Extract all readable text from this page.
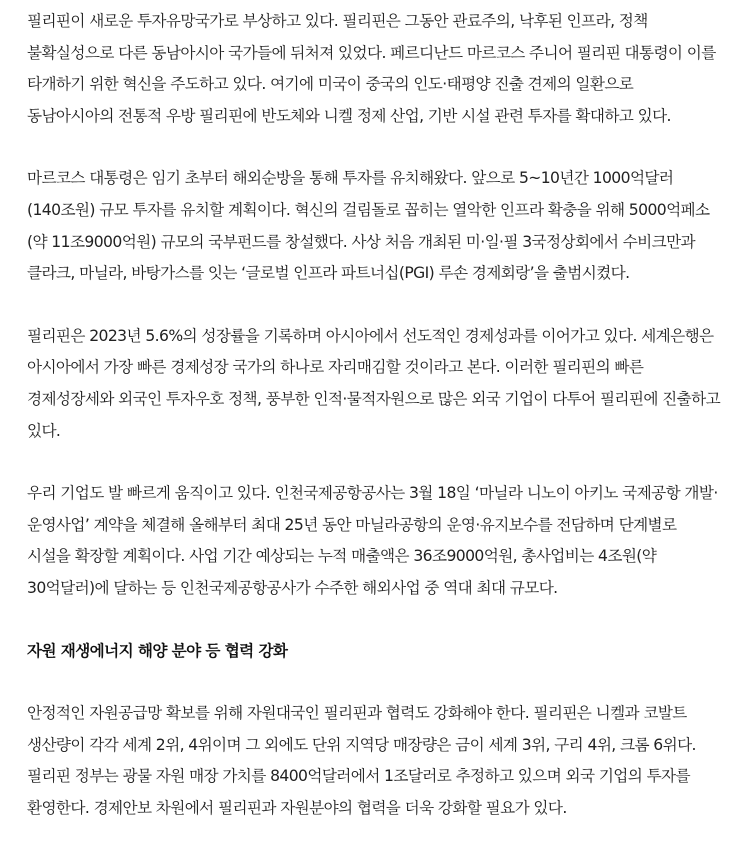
필리핀이 새로운 투자유망국가로 부상하고 있다. 필리핀은 그동안 관료주의, 낙후된 인프라, 정책 불확실성으로 다른 동남아시아 국가들에 뒤처져 있었다. 페르디난드 마르코스 주니어 필리핀 대통령이 이를 타개하기 위한 혁신을 주도하고 있다. 여기에 미국이 중국의 인도·태평양 진출 견제의 일환으로 동남아시아의 전통적 우방 필리핀에 반도체와 니켈 정제 산업, 기반 시설 관련 투자를 확대하고 있다.

마르코스 대통령은 임기 초부터 해외순방을 통해 투자를 유치해왔다. 앞으로 5~10년간 1000억달러(140조원) 규모 투자를 유치할 계획이다. 혁신의 걸림돌로 꼽히는 열악한 인프라 확충을 위해 5000억페소(약 11조9000억원) 규모의 국부펀드를 창설했다. 사상 처음 개최된 미·일·필 3국정상회에서 수비크만과 클라크, 마닐라, 바탕가스를 잇는 ‘글로벌 인프라 파트너십(PGI) 루손 경제회랑’을 출범시켰다.

필리핀은 2023년 5.6%의 성장률을 기록하며 아시아에서 선도적인 경제성과를 이어가고 있다. 세계은행은 아시아에서 가장 빠른 경제성장 국가의 하나로 자리매김할 것이라고 본다. 이러한 필리핀의 빠른 경제성장세와 외국인 투자우호 정책, 풍부한 인적·물적자원으로 많은 외국 기업이 다투어 필리핀에 진출하고 있다.

우리 기업도 발 빠르게 움직이고 있다. 인천국제공항공사는 3월 18일 ‘마닐라 니노이 아키노 국제공항 개발·운영사업’ 계약을 체결해 올해부터 최대 25년 동안 마닐라공항의 운영·유지보수를 전담하며 단계별로 시설을 확장할 계획이다. 사업 기간 예상되는 누적 매출액은 36조9000억원, 총사업비는 4조원(약 30억달러)에 달하는 등 인천국제공항공사가 수주한 해외사업 중 역대 최대 규모다.

자원 재생에너지 해양 분야 등 협력 강화

안정적인 자원공급망 확보를 위해 자원대국인 필리핀과 협력도 강화해야 한다. 필리핀은 니켈과 코발트 생산량이 각각 세계 2위, 4위이며 그 외에도 단위 지역당 매장량은 금이 세계 3위, 구리 4위, 크롬 6위다. 필리핀 정부는 광물 자원 매장 가치를 8400억달러에서 1조달러로 추정하고 있으며 외국 기업의 투자를 환영한다. 경제안보 차원에서 필리핀과 자원분야의 협력을 더욱 강화할 필요가 있다.
